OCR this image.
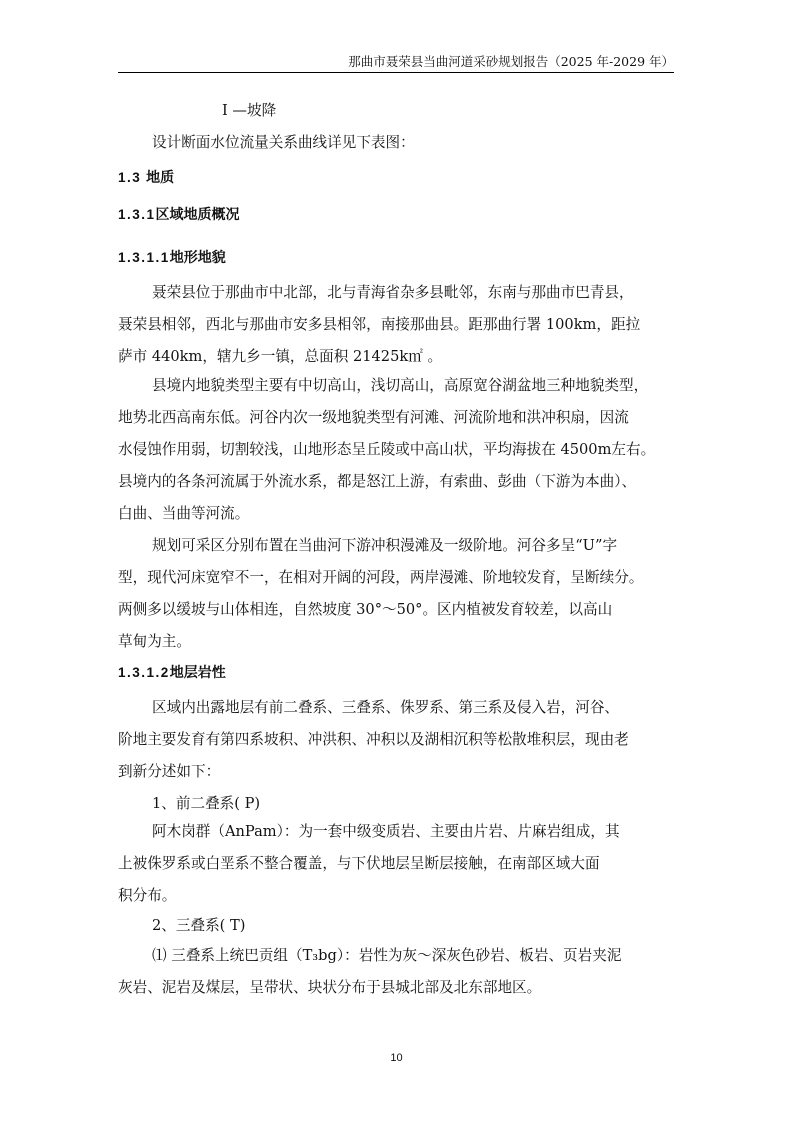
那曲市聂荣县当曲河道采砂规划报告（2025 年-2029 年）
I —坡降
设计断面水位流量关系曲线详见下表图：
1.3 地质
1.3.1区域地质概况
1.3.1.1地形地貌
聂荣县位于那曲市中北部，北与青海省杂多县毗邻，东南与那曲市巴青县，
聂荣县相邻，西北与那曲市安多县相邻，南接那曲县。距那曲行署 100km，距拉
萨市 440km，辖九乡一镇，总面积 21425k㎡ 。
县境内地貌类型主要有中切高山，浅切高山，高原宽谷湖盆地三种地貌类型，
地势北西高南东低。河谷内次一级地貌类型有河滩、河流阶地和洪冲积扇，因流
水侵蚀作用弱，切割较浅，山地形态呈丘陵或中高山状，平均海拔在 4500m左右。
县境内的各条河流属于外流水系，都是怒江上游，有索曲、彭曲（下游为本曲）、
白曲、当曲等河流。
规划可采区分别布置在当曲河下游冲积漫滩及一级阶地。河谷多呈“U”字
型，现代河床宽窄不一，在相对开阔的河段，两岸漫滩、阶地较发育，呈断续分。
两侧多以缓坡与山体相连，自然坡度 30°～50°。区内植被发育较差，以高山
草甸为主。
1.3.1.2地层岩性
区域内出露地层有前二叠系、三叠系、侏罗系、第三系及侵入岩，河谷、
阶地主要发育有第四系坡积、冲洪积、冲积以及湖相沉积等松散堆积层，现由老
到新分述如下：
1、前二叠系( P)
阿木岗群（AnPam）：为一套中级变质岩、主要由片岩、片麻岩组成，其
上被侏罗系或白垩系不整合覆盖，与下伏地层呈断层接触，在南部区域大面
积分布。
2、三叠系( T)
⑴ 三叠系上统巴贡组（T₃bg）：岩性为灰～深灰色砂岩、板岩、页岩夹泥
灰岩、泥岩及煤层，呈带状、块状分布于县城北部及北东部地区。
10
